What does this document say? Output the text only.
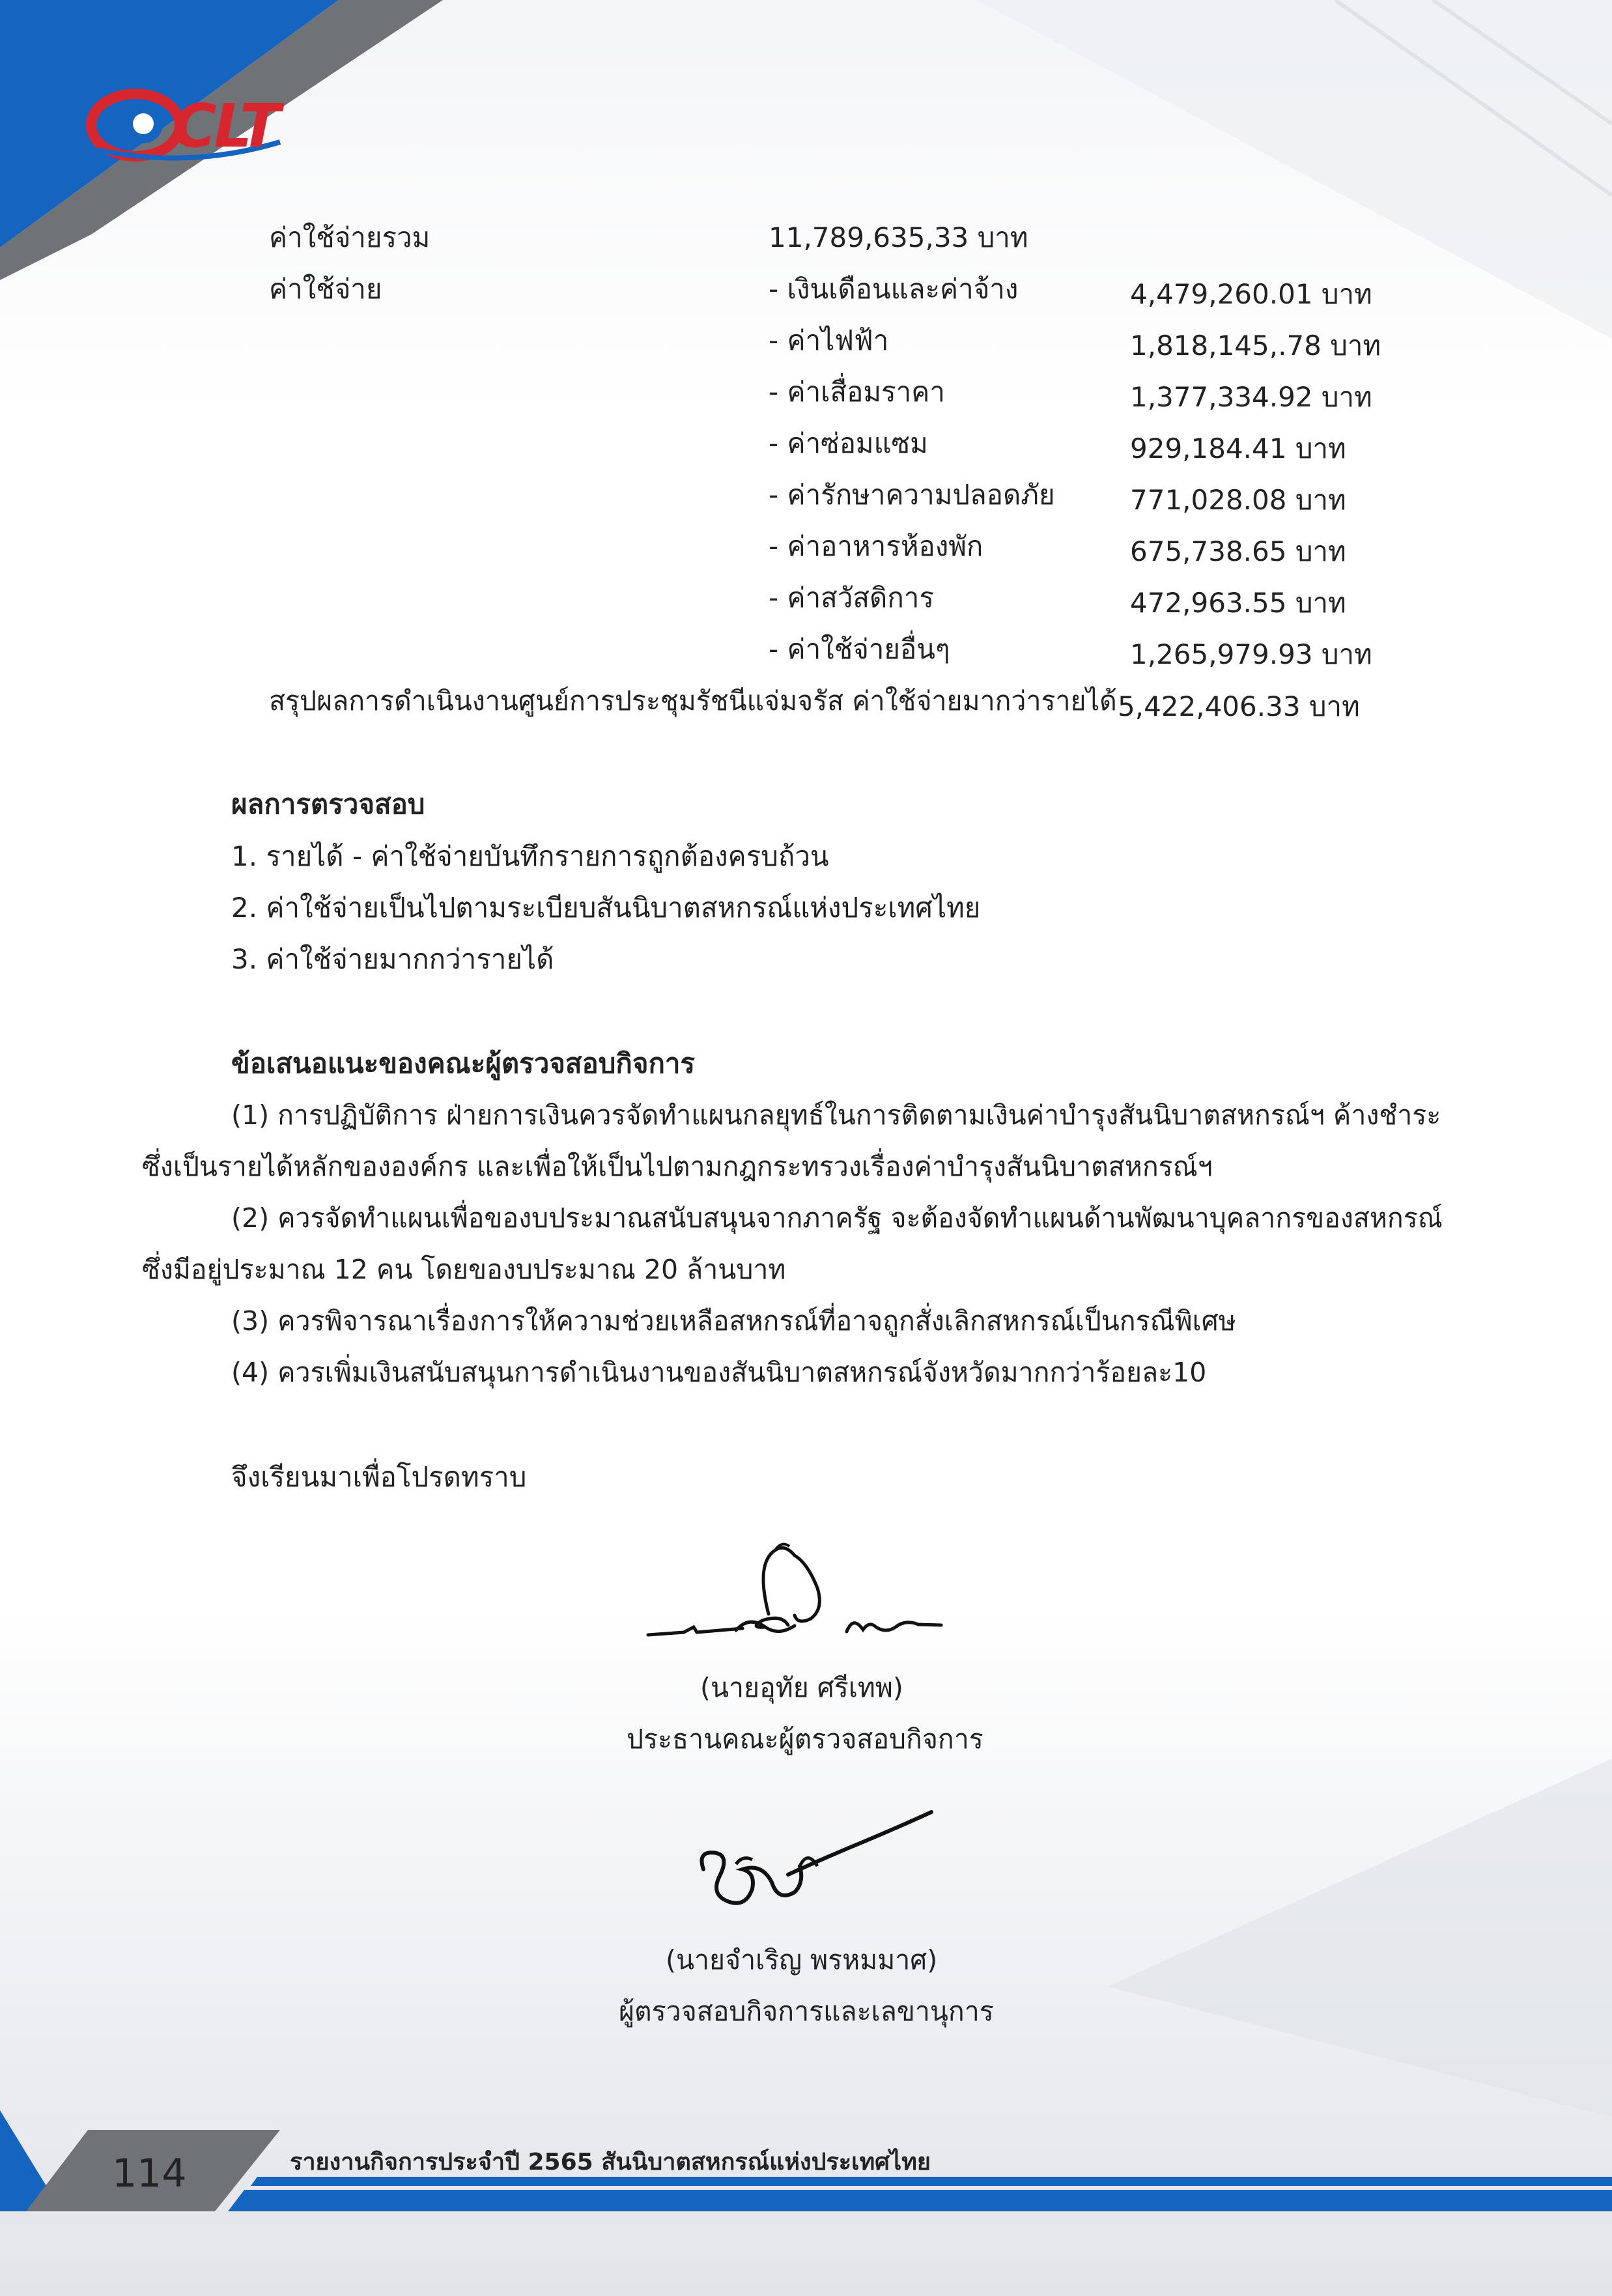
CLT
ค่าใช้จ่ายรวม	11,789,635,33 บาท
ค่าใช้จ่าย	- เงินเดือนและค่าจ้าง	4,479,260.01 บาท
- ค่าไฟฟ้า	1,818,145,.78 บาท
- ค่าเสื่อมราคา	1,377,334.92 บาท
- ค่าซ่อมแซม	929,184.41 บาท
- ค่ารักษาความปลอดภัย	771,028.08 บาท
- ค่าอาหารห้องพัก	675,738.65 บาท
- ค่าสวัสดิการ	472,963.55 บาท
- ค่าใช้จ่ายอื่นๆ	1,265,979.93 บาท
สรุปผลการดำเนินงานศูนย์การประชุมรัชนีแจ่มจรัส ค่าใช้จ่ายมากว่ารายได้ 5,422,406.33 บาท
ผลการตรวจสอบ
1. รายได้ - ค่าใช้จ่ายบันทึกรายการถูกต้องครบถ้วน
2. ค่าใช้จ่ายเป็นไปตามระเบียบสันนิบาตสหกรณ์แห่งประเทศไทย
3. ค่าใช้จ่ายมากกว่ารายได้
ข้อเสนอแนะของคณะผู้ตรวจสอบกิจการ
(1) การปฏิบัติการ ฝ่ายการเงินควรจัดทำแผนกลยุทธ์ในการติดตามเงินค่าบำรุงสันนิบาตสหกรณ์ฯ ค้างชำระ
ซึ่งเป็นรายได้หลักขององค์กร และเพื่อให้เป็นไปตามกฎกระทรวงเรื่องค่าบำรุงสันนิบาตสหกรณ์ฯ
(2) ควรจัดทำแผนเพื่อของบประมาณสนับสนุนจากภาครัฐ จะต้องจัดทำแผนด้านพัฒนาบุคลากรของสหกรณ์
ซึ่งมีอยู่ประมาณ 12 คน โดยของบประมาณ 20 ล้านบาท
(3) ควรพิจารณาเรื่องการให้ความช่วยเหลือสหกรณ์ที่อาจถูกสั่งเลิกสหกรณ์เป็นกรณีพิเศษ
(4) ควรเพิ่มเงินสนับสนุนการดำเนินงานของสันนิบาตสหกรณ์จังหวัดมากกว่าร้อยละ10
จึงเรียนมาเพื่อโปรดทราบ
(นายอุทัย ศรีเทพ)
ประธานคณะผู้ตรวจสอบกิจการ
(นายจำเริญ พรหมมาศ)
ผู้ตรวจสอบกิจการและเลขานุการ
114	รายงานกิจการประจำปี 2565 สันนิบาตสหกรณ์แห่งประเทศไทย
